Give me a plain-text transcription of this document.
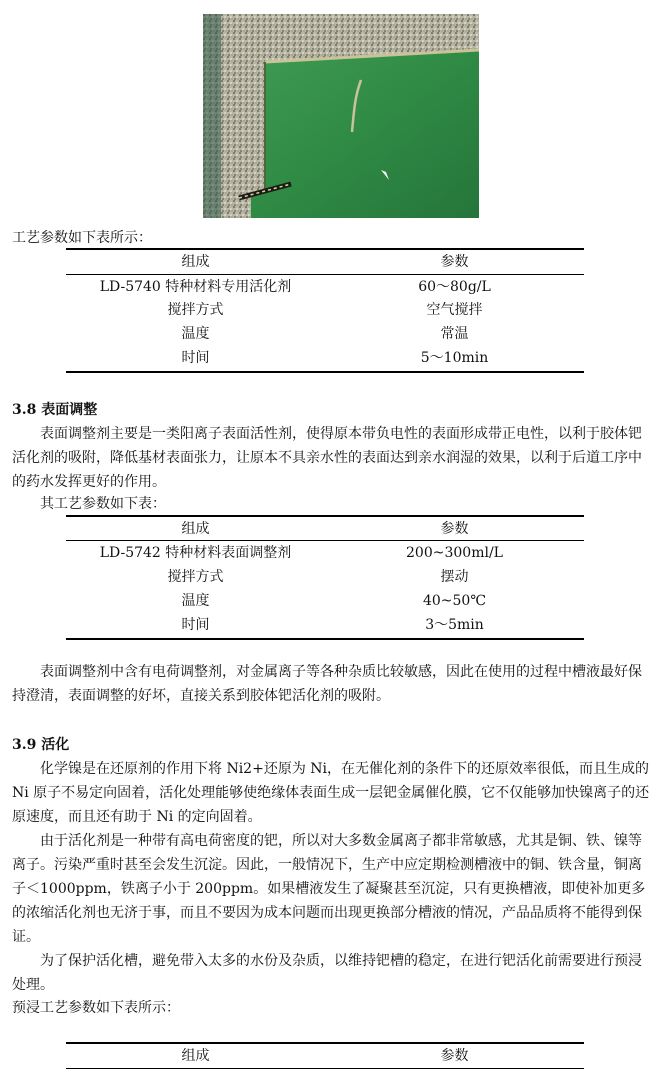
工艺参数如下表所示：
组成	参数
LD-5740 特种材料专用活化剂	60～80g/L
搅拌方式	空气搅拌
温度	常温
时间	5～10min
3.8 表面调整
表面调整剂主要是一类阳离子表面活性剂，使得原本带负电性的表面形成带正电性，以利于胶体钯活化剂的吸附，降低基材表面张力，让原本不具亲水性的表面达到亲水润湿的效果，以利于后道工序中的药水发挥更好的作用。
其工艺参数如下表：
组成	参数
LD-5742 特种材料表面调整剂	200~300ml/L
搅拌方式	摆动
温度	40~50℃
时间	3～5min
表面调整剂中含有电荷调整剂，对金属离子等各种杂质比较敏感，因此在使用的过程中槽液最好保持澄清，表面调整的好坏，直接关系到胶体钯活化剂的吸附。
3.9 活化
化学镍是在还原剂的作用下将 Ni2+还原为 Ni，在无催化剂的条件下的还原效率很低，而且生成的 Ni 原子不易定向固着，活化处理能够使绝缘体表面生成一层钯金属催化膜，它不仅能够加快镍离子的还原速度，而且还有助于 Ni 的定向固着。
由于活化剂是一种带有高电荷密度的钯，所以对大多数金属离子都非常敏感，尤其是铜、铁、镍等离子。污染严重时甚至会发生沉淀。因此，一般情况下，生产中应定期检测槽液中的铜、铁含量，铜离子＜1000ppm，铁离子小于 200ppm。如果槽液发生了凝聚甚至沉淀，只有更换槽液，即使补加更多的浓缩活化剂也无济于事，而且不要因为成本问题而出现更换部分槽液的情况，产品品质将不能得到保证。
为了保护活化槽，避免带入太多的水份及杂质，以维持钯槽的稳定，在进行钯活化前需要进行预浸处理。
预浸工艺参数如下表所示：
组成	参数
